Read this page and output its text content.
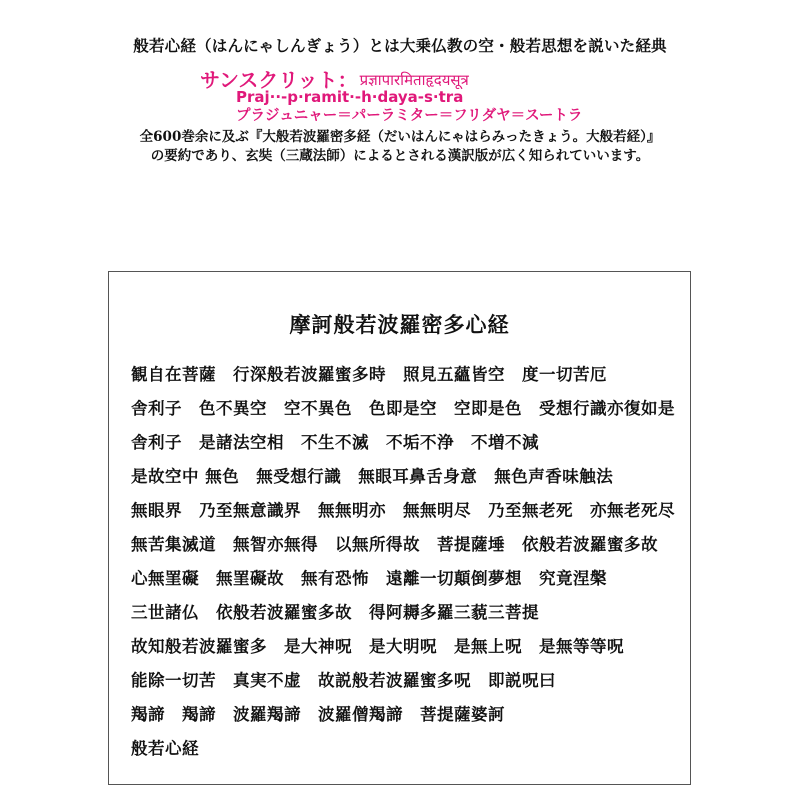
般若心経（はんにゃしんぎょう）とは大乗仏教の空・般若思想を説いた経典
サンスクリット： प्रज्ञापारमिताहृदयसूत्र
Praj··-p·ramit·-h·daya-s·tra
プラジュニャー＝パーラミター＝フリダヤ＝スートラ
全600巻余に及ぶ『大般若波羅密多経（だいはんにゃはらみったきょう。大般若経）』
の要約であり、玄奘（三蔵法師）によるとされる漢訳版が広く知られていいます。
摩訶般若波羅密多心経
観自在菩薩 行深般若波羅蜜多時 照見五蘊皆空 度一切苦厄
舎利子 色不異空 空不異色 色即是空 空即是色 受想行識亦復如是
舎利子 是諸法空相 不生不滅 不垢不浄 不増不減
是故空中 無色 無受想行識 無眼耳鼻舌身意 無色声香味触法
無眼界 乃至無意識界 無無明亦 無無明尽 乃至無老死 亦無老死尽
無苦集滅道 無智亦無得 以無所得故 菩提薩埵 依般若波羅蜜多故
心無罣礙 無罣礙故 無有恐怖 遠離一切顛倒夢想 究竟涅槃
三世諸仏 依般若波羅蜜多故 得阿耨多羅三藐三菩提
故知般若波羅蜜多 是大神呪 是大明呪 是無上呪 是無等等呪
能除一切苦 真実不虚 故説般若波羅蜜多呪 即説呪曰
羯諦 羯諦 波羅羯諦 波羅僧羯諦 菩提薩婆訶
般若心経
